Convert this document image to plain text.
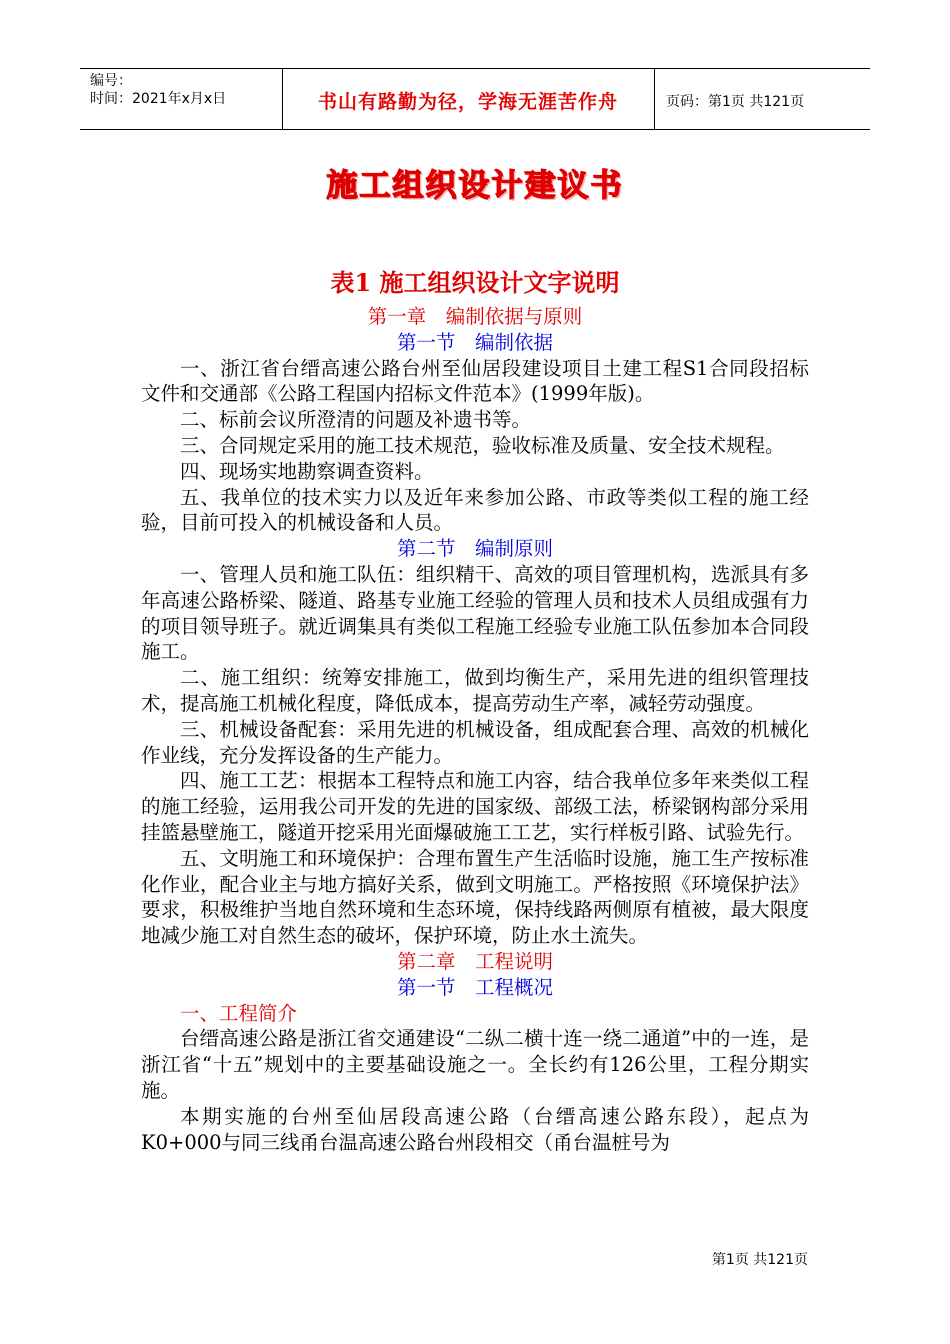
编号：
时间：2021年x月x日	书山有路勤为径，学海无涯苦作舟	页码：第1页 共121页
施工组织设计建议书
表1 施工组织设计文字说明

第一章　编制依据与原则

第一节　编制依据

一、浙江省台缙高速公路台州至仙居段建设项目土建工程S1合同段招标文件和交通部《公路工程国内招标文件范本》(1999年版)。

二、标前会议所澄清的问题及补遗书等。

三、合同规定采用的施工技术规范，验收标准及质量、安全技术规程。

四、现场实地勘察调查资料。

五、我单位的技术实力以及近年来参加公路、市政等类似工程的施工经验，目前可投入的机械设备和人员。

第二节　编制原则

一、管理人员和施工队伍：组织精干、高效的项目管理机构，选派具有多年高速公路桥梁、隧道、路基专业施工经验的管理人员和技术人员组成强有力的项目领导班子。就近调集具有类似工程施工经验专业施工队伍参加本合同段施工。

二、施工组织：统筹安排施工，做到均衡生产，采用先进的组织管理技术，提高施工机械化程度，降低成本，提高劳动生产率，减轻劳动强度。

三、机械设备配套：采用先进的机械设备，组成配套合理、高效的机械化作业线，充分发挥设备的生产能力。

四、施工工艺：根据本工程特点和施工内容，结合我单位多年来类似工程的施工经验，运用我公司开发的先进的国家级、部级工法，桥梁钢构部分采用挂篮悬壁施工，隧道开挖采用光面爆破施工工艺，实行样板引路、试验先行。

五、文明施工和环境保护：合理布置生产生活临时设施，施工生产按标准化作业，配合业主与地方搞好关系，做到文明施工。严格按照《环境保护法》要求，积极维护当地自然环境和生态环境，保持线路两侧原有植被，最大限度地减少施工对自然生态的破坏，保护环境，防止水土流失。

第二章　工程说明

第一节　工程概况

一、工程简介

台缙高速公路是浙江省交通建设“二纵二横十连一绕二通道”中的一连，是浙江省“十五”规划中的主要基础设施之一。全长约有126公里，工程分期实施。

本期实施的台州至仙居段高速公路（台缙高速公路东段），起点为K0+000与同三线甬台温高速公路台州段相交（甬台温桩号为

第1页 共121页
